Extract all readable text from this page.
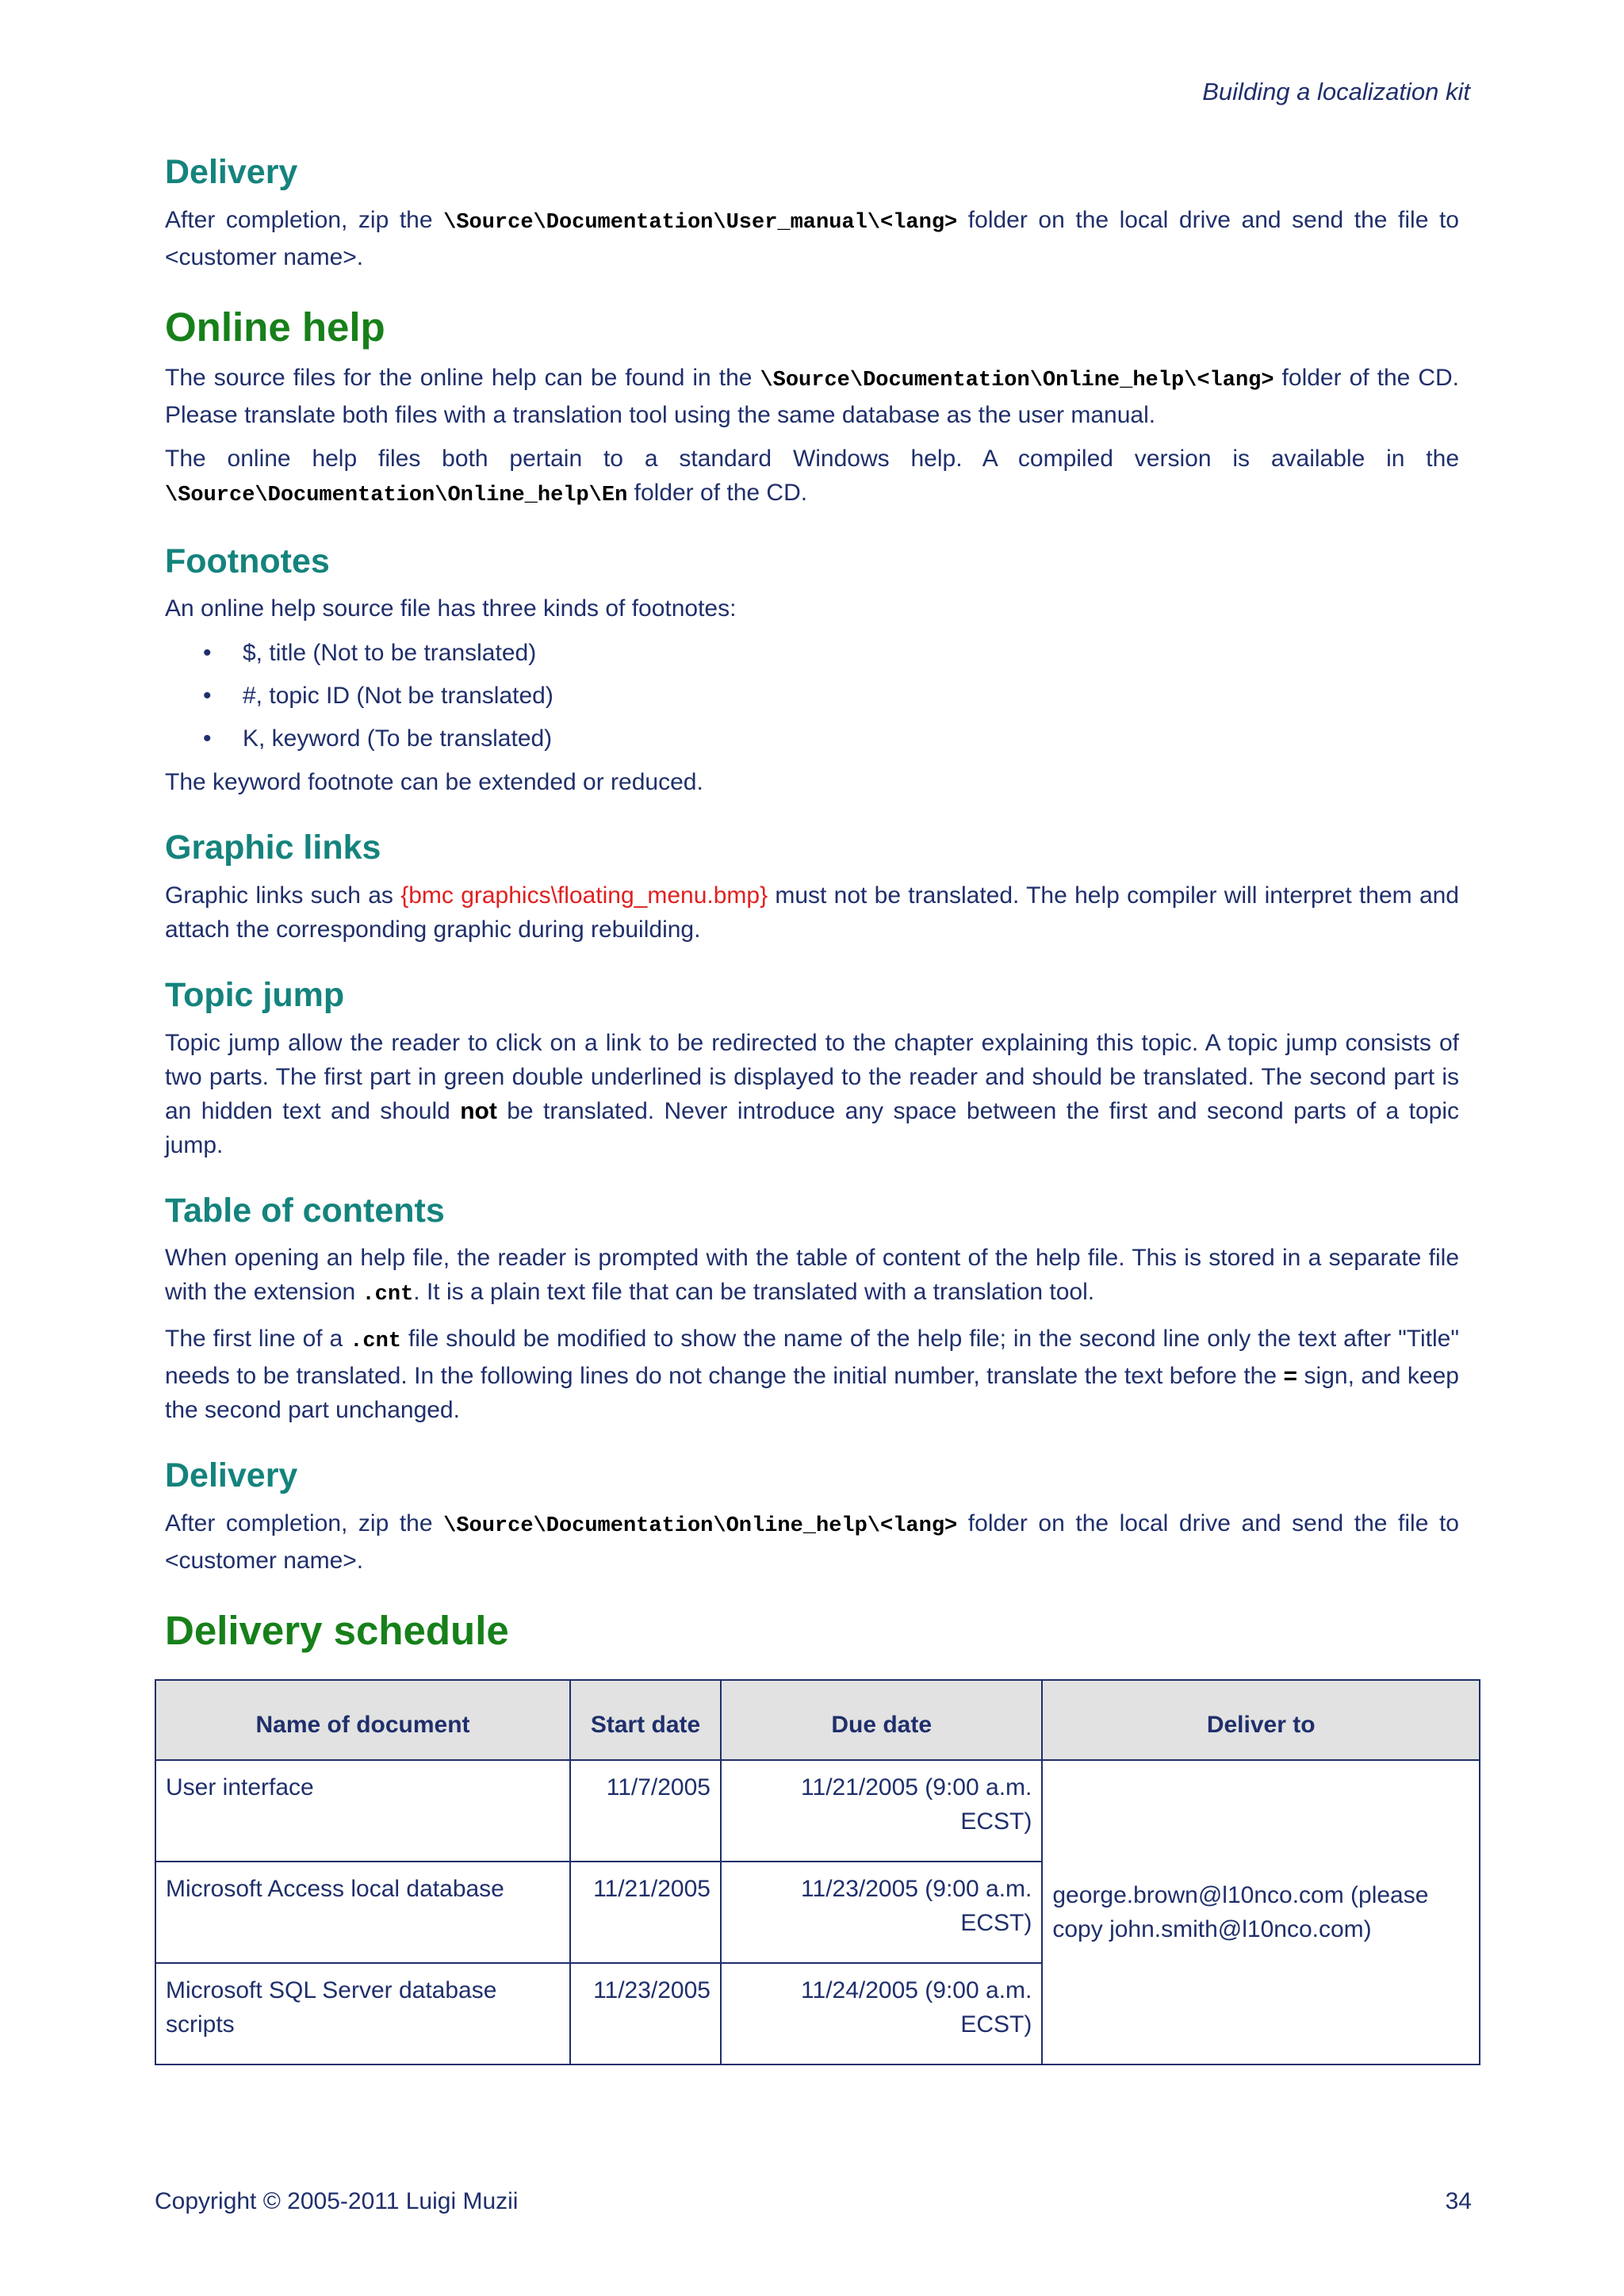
Building a localization kit
Delivery

After completion, zip the \Source\Documentation\User_manual\<lang> folder on the local drive and send the file to <customer name>.

Online help

The source files for the online help can be found in the \Source\Documentation\Online_help\<lang> folder of the CD. Please translate both files with a translation tool using the same database as the user manual.

The online help files both pertain to a standard Windows help. A compiled version is available in the \Source\Documentation\Online_help\En folder of the CD.

Footnotes

An online help source file has three kinds of footnotes:

• $, title (Not to be translated)
• #, topic ID (Not be translated)
• K, keyword (To be translated)

The keyword footnote can be extended or reduced.

Graphic links

Graphic links such as {bmc graphics\floating_menu.bmp} must not be translated. The help compiler will interpret them and attach the corresponding graphic during rebuilding.

Topic jump

Topic jump allow the reader to click on a link to be redirected to the chapter explaining this topic. A topic jump consists of two parts. The first part in green double underlined is displayed to the reader and should be translated. The second part is an hidden text and should not be translated. Never introduce any space between the first and second parts of a topic jump.

Table of contents

When opening an help file, the reader is prompted with the table of content of the help file. This is stored in a separate file with the extension .cnt. It is a plain text file that can be translated with a translation tool.

The first line of a .cnt file should be modified to show the name of the help file; in the second line only the text after "Title" needs to be translated. In the following lines do not change the initial number, translate the text before the = sign, and keep the second part unchanged.

Delivery

After completion, zip the \Source\Documentation\Online_help\<lang> folder on the local drive and send the file to <customer name>.

Delivery schedule
Name of document	Start date	Due date	Deliver to
User interface	11/7/2005	11/21/2005 (9:00 a.m. ECST)	george.brown@l10nco.com (please copy john.smith@l10nco.com)
Microsoft Access local database	11/21/2005	11/23/2005 (9:00 a.m. ECST)	
Microsoft SQL Server database scripts	11/23/2005	11/24/2005 (9:00 a.m. ECST)	
Copyright © 2005-2011 Luigi Muzii	34
